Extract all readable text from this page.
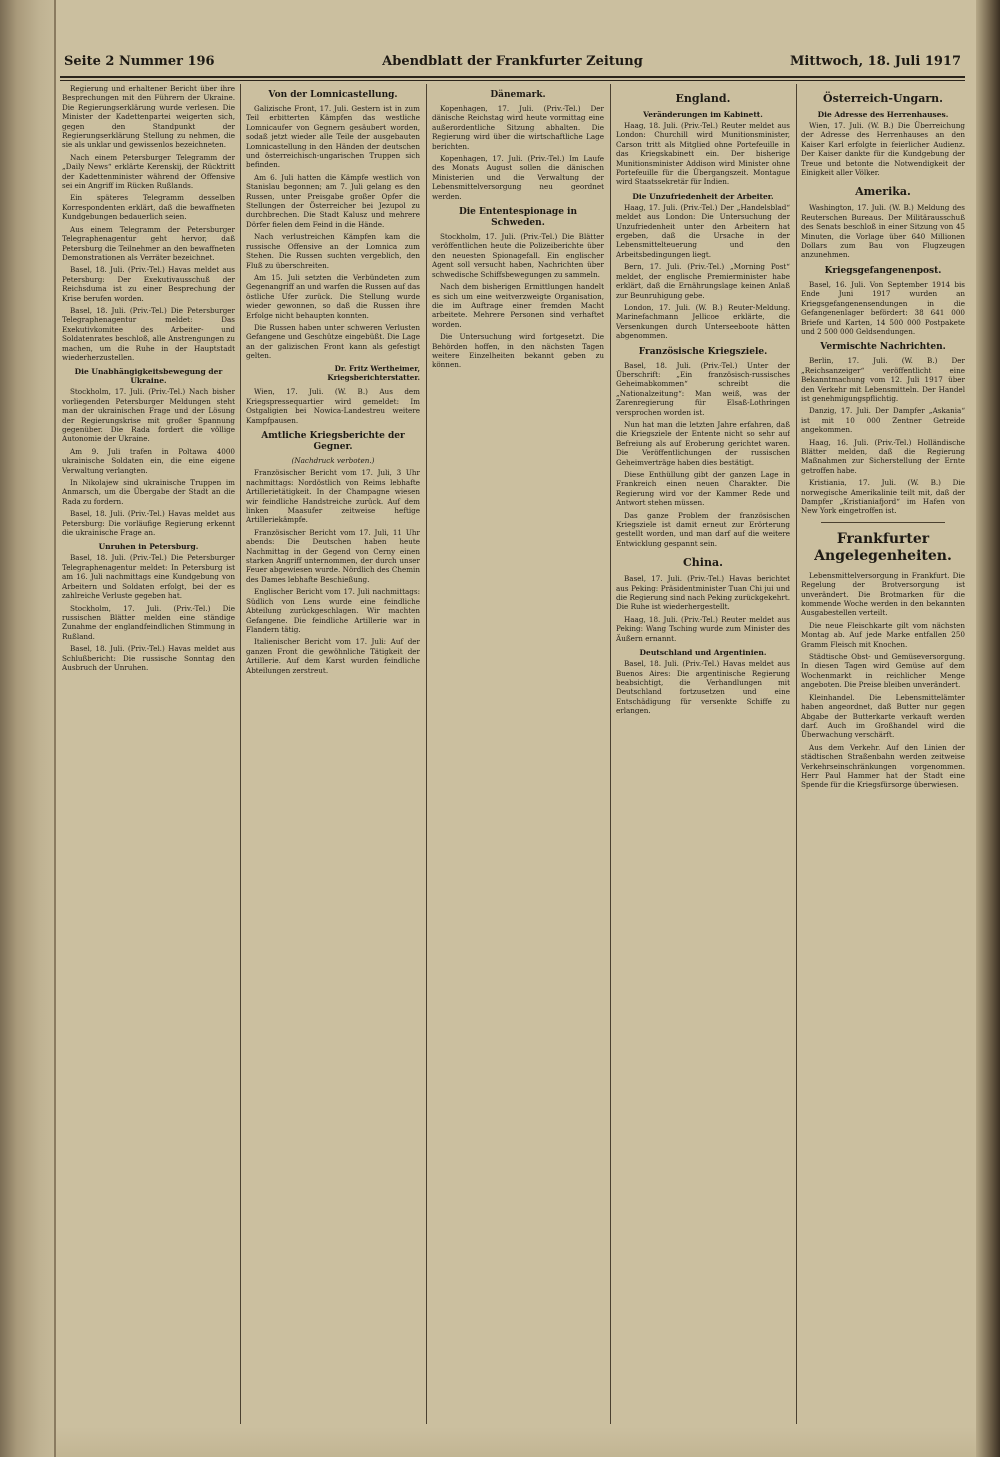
Seite 2 Nummer 196	Abendblatt der Frankfurter Zeitung	Mittwoch, 18. Juli 1917

Regierung und erhaltener Bericht über ihre Besprechungen mit den Führern der Ukraine. Die Regierungserklärung wurde verlesen. Die Minister der Kadettenpartei weigerten sich, gegen den Standpunkt der Regierungserklärung Stellung zu nehmen, die sie als unklar und gewissenlos bezeichneten.

Nach einem Petersburger Telegramm der „Daily News“ erklärte Kerenskij, der Rücktritt der Kadettenminister während der Offensive sei ein Angriff im Rücken Rußlands.

Ein späteres Telegramm desselben Korrespondenten erklärt, daß die bewaffneten Kundgebungen bedauerlich seien.

Aus einem Telegramm der Petersburger Telegraphenagentur geht hervor, daß Petersburg die Teilnehmer an den bewaffneten Demonstrationen als Verräter bezeichnet.

Basel, 18. Juli. (Priv.-Tel.) Havas meldet aus Petersburg: Der Exekutivausschuß der Reichsduma ist zu einer Besprechung der Krise berufen worden.

Basel, 18. Juli. (Priv.-Tel.) Die Petersburger Telegraphenagentur meldet: Das Exekutivkomitee des Arbeiter- und Soldatenrates beschloß, alle Anstrengungen zu machen, um die Ruhe in der Hauptstadt wiederherzustellen.

Die Unabhängigkeitsbewegung der Ukraine.

Stockholm, 17. Juli. (Priv.-Tel.) Nach bisher vorliegenden Petersburger Meldungen steht man der ukrainischen Frage und der Lösung der Regierungskrise mit großer Spannung gegenüber. Die Rada fordert die völlige Autonomie der Ukraine.

Am 9. Juli trafen in Poltawa 4000 ukrainische Soldaten ein, die eine eigene Verwaltung verlangten.

In Nikolajew sind ukrainische Truppen im Anmarsch, um die Übergabe der Stadt an die Rada zu fordern.

Basel, 18. Juli. (Priv.-Tel.) Havas meldet aus Petersburg: Die vorläufige Regierung erkennt die ukrainische Frage an.

Unruhen in Petersburg.

Basel, 18. Juli. (Priv.-Tel.) Die Petersburger Telegraphenagentur meldet: In Petersburg ist am 16. Juli nachmittags eine Kundgebung von Arbeitern und Soldaten erfolgt, bei der es zahlreiche Verluste gegeben hat.

Stockholm, 17. Juli. (Priv.-Tel.) Die russischen Blätter melden eine ständige Zunahme der englandfeindlichen Stimmung in Rußland.

Basel, 18. Juli. (Priv.-Tel.) Havas meldet aus Schlußbericht: Die russische Sonntag den Ausbruch der Unruhen.

Von der Lomnicastellung.

Galizische Front, 17. Juli. Gestern ist in zum Teil erbitterten Kämpfen das westliche Lomnicaufer von Gegnern gesäubert worden, sodaß jetzt wieder alle Teile der ausgebauten Lomnicastellung in den Händen der deutschen und österreichisch-ungarischen Truppen sich befinden.

Am 6. Juli hatten die Kämpfe westlich von Stanislau begonnen; am 7. Juli gelang es den Russen, unter Preisgabe großer Opfer die Stellungen der Österreicher bei Jezupol zu durchbrechen. Die Stadt Kalusz und mehrere Dörfer fielen dem Feind in die Hände.

Nach verlustreichen Kämpfen kam die russische Offensive an der Lomnica zum Stehen. Die Russen suchten vergeblich, den Fluß zu überschreiten.

Am 15. Juli setzten die Verbündeten zum Gegenangriff an und warfen die Russen auf das östliche Ufer zurück. Die Stellung wurde wieder gewonnen, so daß die Russen ihre Erfolge nicht behaupten konnten.

Die Russen haben unter schweren Verlusten Gefangene und Geschütze eingebüßt. Die Lage an der galizischen Front kann als gefestigt gelten.

Dr. Fritz Wertheimer, Kriegsberichterstatter.

Wien, 17. Juli. (W. B.) Aus dem Kriegspressequartier wird gemeldet: Im Ostgaligien bei Nowica-Landestreu weitere Kampfpausen.

Amtliche Kriegsberichte der Gegner.
(Nachdruck verboten.)

Französischer Bericht vom 17. Juli, 3 Uhr nachmittags: Nordöstlich von Reims lebhafte Artillerietätigkeit. In der Champagne wiesen wir feindliche Handstreiche zurück. Auf dem linken Maasufer zeitweise heftige Artilleriekämpfe.

Französischer Bericht vom 17. Juli, 11 Uhr abends: Die Deutschen haben heute Nachmittag in der Gegend von Cerny einen starken Angriff unternommen, der durch unser Feuer abgewiesen wurde. Nördlich des Chemin des Dames lebhafte Beschießung.

Englischer Bericht vom 17. Juli nachmittags: Südlich von Lens wurde eine feindliche Abteilung zurückgeschlagen. Wir machten Gefangene. Die feindliche Artillerie war in Flandern tätig.

Italienischer Bericht vom 17. Juli: Auf der ganzen Front die gewöhnliche Tätigkeit der Artillerie. Auf dem Karst wurden feindliche Abteilungen zerstreut.

Dänemark.

Kopenhagen, 17. Juli. (Priv.-Tel.) Der dänische Reichstag wird heute vormittag eine außerordentliche Sitzung abhalten. Die Regierung wird über die wirtschaftliche Lage berichten.

Kopenhagen, 17. Juli. (Priv.-Tel.) Im Laufe des Monats August sollen die dänischen Ministerien und die Verwaltung der Lebensmittelversorgung neu geordnet werden.

Die Ententespionage in Schweden.

Stockholm, 17. Juli. (Priv.-Tel.) Die Blätter veröffentlichen heute die Polizeiberichte über den neuesten Spionagefall. Ein englischer Agent soll versucht haben, Nachrichten über schwedische Schiffsbewegungen zu sammeln.

Nach dem bisherigen Ermittlungen handelt es sich um eine weitverzweigte Organisation, die im Auftrage einer fremden Macht arbeitete. Mehrere Personen sind verhaftet worden.

Die Untersuchung wird fortgesetzt. Die Behörden hoffen, in den nächsten Tagen weitere Einzelheiten bekannt geben zu können.

England.
Veränderungen im Kabinett.

Haag, 18. Juli. (Priv.-Tel.) Reuter meldet aus London: Churchill wird Munitionsminister, Carson tritt als Mitglied ohne Portefeuille in das Kriegskabinett ein. Der bisherige Munitionsminister Addison wird Minister ohne Portefeuille für die Übergangszeit. Montague wird Staatssekretär für Indien.

Die Unzufriedenheit der Arbeiter.

Haag, 17. Juli. (Priv.-Tel.) Der „Handelsblad“ meldet aus London: Die Untersuchung der Unzufriedenheit unter den Arbeitern hat ergeben, daß die Ursache in der Lebensmittelteuerung und den Arbeitsbedingungen liegt.

Bern, 17. Juli. (Priv.-Tel.) „Morning Post“ meldet, der englische Premierminister habe erklärt, daß die Ernährungslage keinen Anlaß zur Beunruhigung gebe.

London, 17. Juli. (W. B.) Reuter-Meldung. Marinefachmann Jellicoe erklärte, die Versenkungen durch Unterseeboote hätten abgenommen.

Französische Kriegsziele.

Basel, 18. Juli. (Priv.-Tel.) Unter der Überschrift: „Ein französisch-russisches Geheimabkommen“ schreibt die „Nationalzeitung“: Man weiß, was der Zarenregierung für Elsaß-Lothringen versprochen worden ist.

Nun hat man die letzten Jahre erfahren, daß die Kriegsziele der Entente nicht so sehr auf Befreiung als auf Eroberung gerichtet waren. Die Veröffentlichungen der russischen Geheimverträge haben dies bestätigt.

Diese Enthüllung gibt der ganzen Lage in Frankreich einen neuen Charakter. Die Regierung wird vor der Kammer Rede und Antwort stehen müssen.

Das ganze Problem der französischen Kriegsziele ist damit erneut zur Erörterung gestellt worden, und man darf auf die weitere Entwicklung gespannt sein.

China.

Basel, 17. Juli. (Priv.-Tel.) Havas berichtet aus Peking: Präsidentminister Tuan Chi jui und die Regierung sind nach Peking zurückgekehrt. Die Ruhe ist wiederhergestellt.

Haag, 18. Juli. (Priv.-Tel.) Reuter meldet aus Peking: Wang Tsching wurde zum Minister des Äußern ernannt.

Deutschland und Argentinien.

Basel, 18. Juli. (Priv.-Tel.) Havas meldet aus Buenos Aires: Die argentinische Regierung beabsichtigt, die Verhandlungen mit Deutschland fortzusetzen und eine Entschädigung für versenkte Schiffe zu erlangen.

Österreich-Ungarn.
Die Adresse des Herrenhauses.

Wien, 17. Juli. (W. B.) Die Überreichung der Adresse des Herrenhauses an den Kaiser Karl erfolgte in feierlicher Audienz. Der Kaiser dankte für die Kundgebung der Treue und betonte die Notwendigkeit der Einigkeit aller Völker.

Amerika.

Washington, 17. Juli. (W. B.) Meldung des Reuterschen Bureaus. Der Militärausschuß des Senats beschloß in einer Sitzung von 45 Minuten, die Vorlage über 640 Millionen Dollars zum Bau von Flugzeugen anzunehmen.

Kriegsgefangenenpost.

Basel, 16. Juli. Von September 1914 bis Ende Juni 1917 wurden an Kriegsgefangenensendungen in die Gefangenenlager befördert: 38 641 000 Briefe und Karten, 14 500 000 Postpakete und 2 500 000 Geldsendungen.

Vermischte Nachrichten.

Berlin, 17. Juli. (W. B.) Der „Reichsanzeiger“ veröffentlicht eine Bekanntmachung vom 12. Juli 1917 über den Verkehr mit Lebensmitteln. Der Handel ist genehmigungspflichtig.

Danzig, 17. Juli. Der Dampfer „Askania“ ist mit 10 000 Zentner Getreide angekommen.

Haag, 16. Juli. (Priv.-Tel.) Holländische Blätter melden, daß die Regierung Maßnahmen zur Sicherstellung der Ernte getroffen habe.

Kristiania, 17. Juli. (W. B.) Die norwegische Amerikalinie teilt mit, daß der Dampfer „Kristianiafjord“ im Hafen von New York eingetroffen ist.

Frankfurter Angelegenheiten.

Lebensmittelversorgung in Frankfurt. Die Regelung der Brotversorgung ist unverändert. Die Brotmarken für die kommende Woche werden in den bekannten Ausgabestellen verteilt.

Die neue Fleischkarte gilt vom nächsten Montag ab. Auf jede Marke entfallen 250 Gramm Fleisch mit Knochen.

Städtische Obst- und Gemüseversorgung. In diesen Tagen wird Gemüse auf dem Wochenmarkt in reichlicher Menge angeboten. Die Preise bleiben unverändert.

Kleinhandel. Die Lebensmittelämter haben angeordnet, daß Butter nur gegen Abgabe der Butterkarte verkauft werden darf. Auch im Großhandel wird die Überwachung verschärft.

Aus dem Verkehr. Auf den Linien der städtischen Straßenbahn werden zeitweise Verkehrseinschränkungen vorgenommen. Herr Paul Hammer hat der Stadt eine Spende für die Kriegsfürsorge überwiesen.
